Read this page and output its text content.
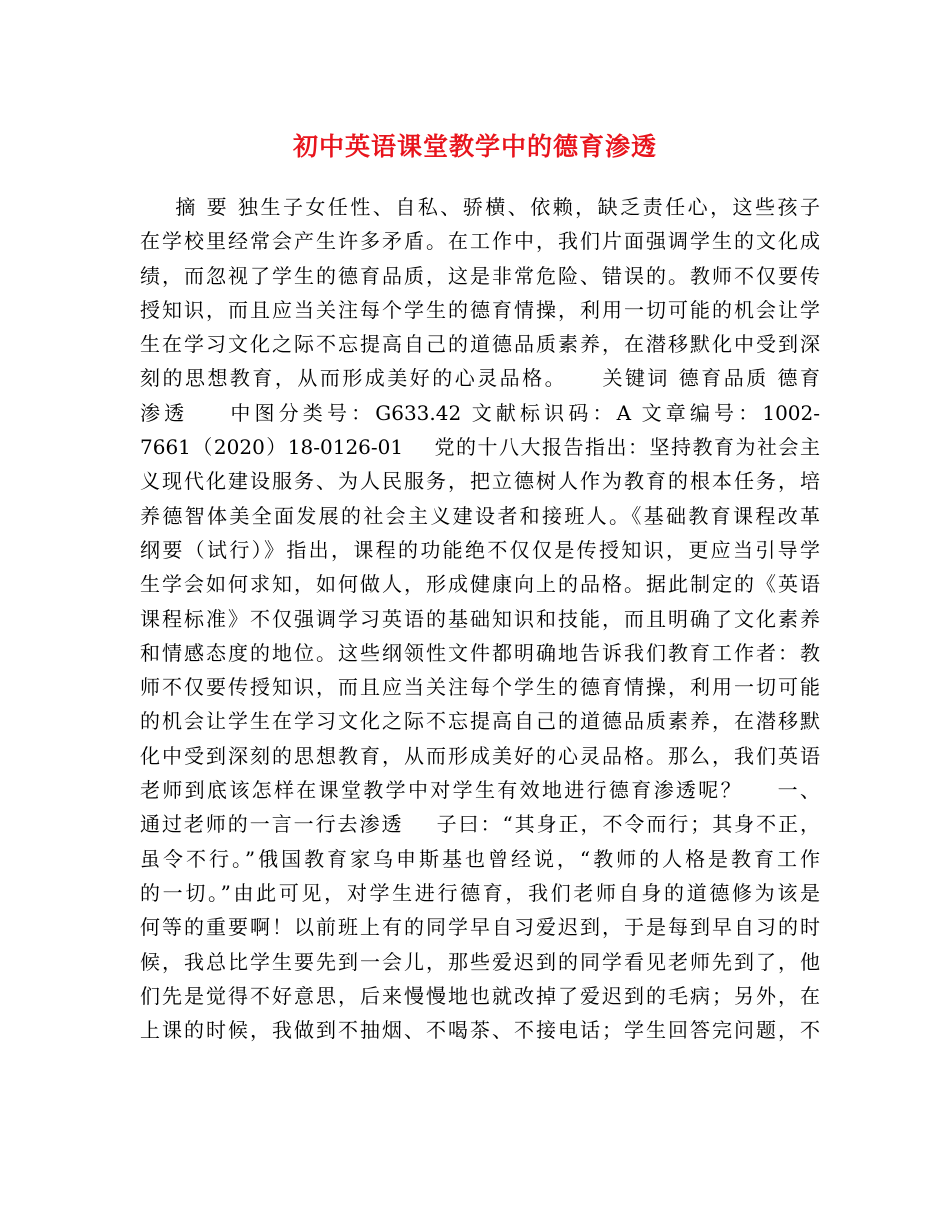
初中英语课堂教学中的德育渗透
摘 要 独生子女任性、自私、骄横、依赖，缺乏责任心，这些孩子
在学校里经常会产生许多矛盾。在工作中，我们片面强调学生的文化成
绩，而忽视了学生的德育品质，这是非常危险、错误的。教师不仅要传
授知识，而且应当关注每个学生的德育情操，利用一切可能的机会让学
生在学习文化之际不忘提高自己的道德品质素养，在潜移默化中受到深
刻的思想教育，从而形成美好的心灵品格。    关键词 德育品质 德育
渗透    中图分类号：G633.42 文献标识码：A 文章编号：1002-
7661（2020）18-0126-01    党的十八大报告指出：坚持教育为社会主
义现代化建设服务、为人民服务，把立德树人作为教育的根本任务，培
养德智体美全面发展的社会主义建设者和接班人。《基础教育课程改革
纲要（试行）》指出，课程的功能绝不仅仅是传授知识，更应当引导学
生学会如何求知，如何做人，形成健康向上的品格。据此制定的《英语
课程标准》不仅强调学习英语的基础知识和技能，而且明确了文化素养
和情感态度的地位。这些纲领性文件都明确地告诉我们教育工作者：教
师不仅要传授知识，而且应当关注每个学生的德育情操，利用一切可能
的机会让学生在学习文化之际不忘提高自己的道德品质素养，在潜移默
化中受到深刻的思想教育，从而形成美好的心灵品格。那么，我们英语
老师到底该怎样在课堂教学中对学生有效地进行德育渗透呢？    一、
通过老师的一言一行去渗透    子曰：“其身正，不令而行；其身不正，
虽令不行。”俄国教育家乌申斯基也曾经说，“教师的人格是教育工作
的一切。”由此可见，对学生进行德育，我们老师自身的道德修为该是
何等的重要啊！以前班上有的同学早自习爱迟到，于是每到早自习的时
候，我总比学生要先到一会儿，那些爱迟到的同学看见老师先到了，他
们先是觉得不好意思，后来慢慢地也就改掉了爱迟到的毛病；另外，在
上课的时候，我做到不抽烟、不喝茶、不接电话；学生回答完问题，不
